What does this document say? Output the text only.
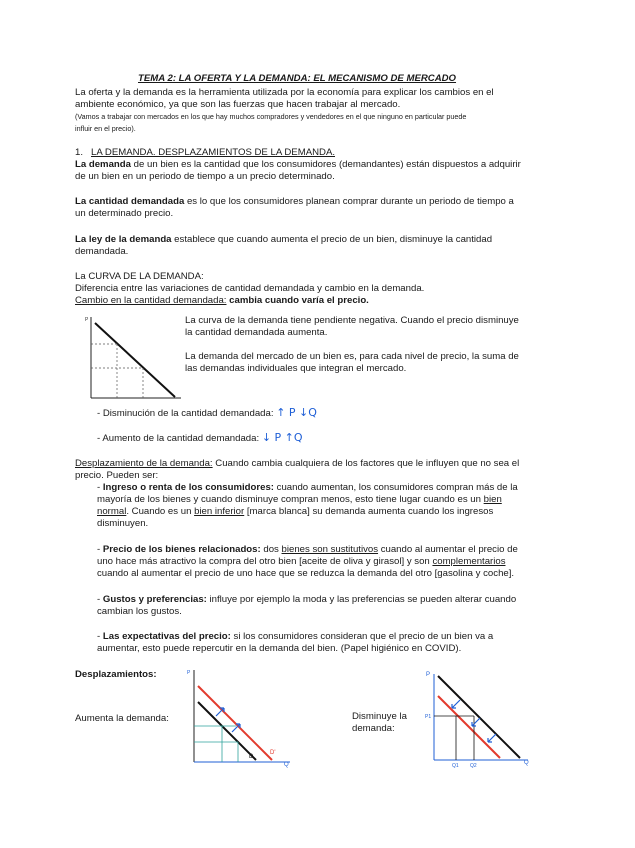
TEMA 2: LA OFERTA Y LA DEMANDA: EL MECANISMO DE MERCADO
La oferta y la demanda es la herramienta utilizada por la economía para explicar los cambios en el
ambiente económico, ya que son las fuerzas que hacen trabajar al mercado.
(Vamos a trabajar con mercados en los que hay muchos compradores y vendedores en el que ninguno en particular puede
influir en el precio).
1. LA DEMANDA. DESPLAZAMIENTOS DE LA DEMANDA.
La demanda de un bien es la cantidad que los consumidores (demandantes) están dispuestos a adquirir
de un bien en un periodo de tiempo a un precio determinado.
La cantidad demandada es lo que los consumidores planean comprar durante un periodo de tiempo a
un determinado precio.
La ley de la demanda establece que cuando aumenta el precio de un bien, disminuye la cantidad
demandada.
La CURVA DE LA DEMANDA:
Diferencia entre las variaciones de cantidad demandada y cambio en la demanda.
Cambio en la cantidad demandada: cambia cuando varía el precio.
P	La curva de la demanda tiene pendiente negativa. Cuando el precio disminuye
la cantidad demandada aumenta.
La demanda del mercado de un bien es, para cada nivel de precio, la suma de
las demandas individuales que integran el mercado.
- Disminución de la cantidad demandada: ↑ P ↓Q
- Aumento de la cantidad demandada: ↓ P ↑Q
Desplazamiento de la demanda: Cuando cambia cualquiera de los factores que le influyen que no sea el
precio. Pueden ser:
- Ingreso o renta de los consumidores: cuando aumentan, los consumidores compran más de la
mayoría de los bienes y cuando disminuye compran menos, esto tiene lugar cuando es un bien
normal. Cuando es un bien inferior [marca blanca] su demanda aumenta cuando los ingresos
disminuyen.
- Precio de los bienes relacionados: dos bienes son sustitutivos cuando al aumentar el precio de
uno hace más atractivo la compra del otro bien [aceite de oliva y girasol] y son complementarios
cuando al aumentar el precio de uno hace que se reduzca la demanda del otro [gasolina y coche].
- Gustos y preferencias: influye por ejemplo la moda y las preferencias se pueden alterar cuando
cambian los gustos.
- Las expectativas del precio: si los consumidores consideran que el precio de un bien va a
aumentar, esto puede repercutir en la demanda del bien. (Papel higiénico en COVID).
Desplazamientos:
Aumenta la demanda:	Disminuye la
demanda:
P
D
D'
Q
P
P1
Q1 Q2	Q
